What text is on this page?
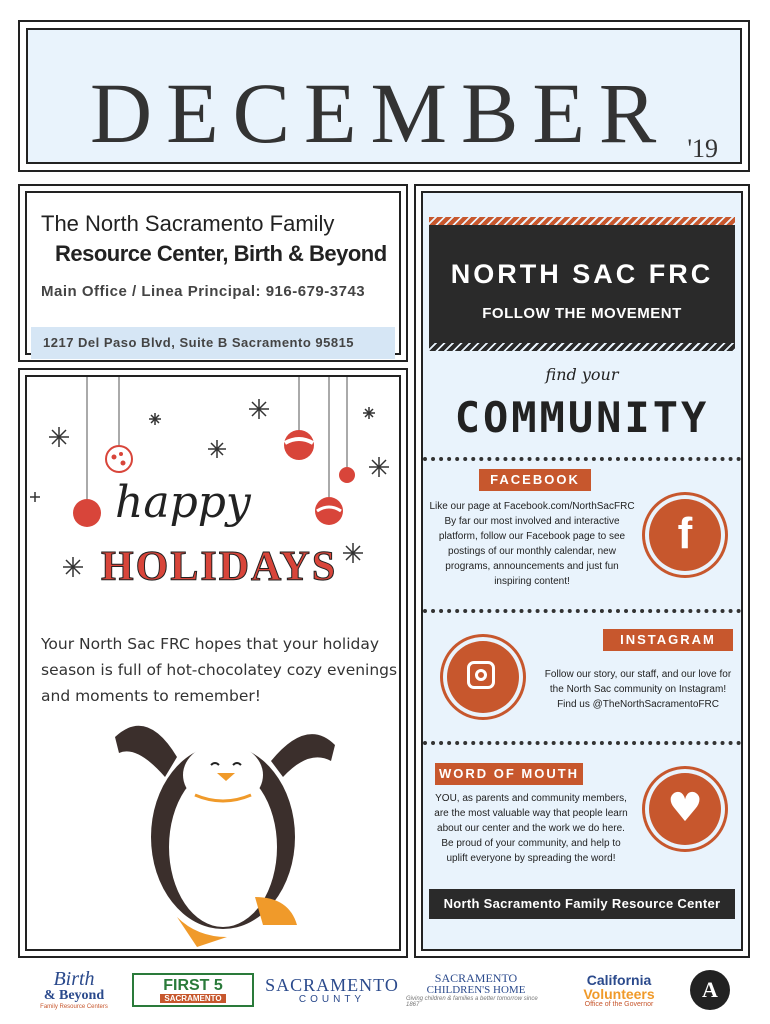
DECEMBER '19
The North Sacramento Family
Resource Center, Birth & Beyond
Main Office / Linea Principal: 916-679-3743
1217 Del Paso Blvd, Suite B Sacramento 95815
happy
HOLIDAYS
Your North Sac FRC hopes that your holiday season is full of hot-chocolatey cozy evenings and moments to remember!
NORTH SAC FRC
FOLLOW THE MOVEMENT
find your
COMMUNITY
FACEBOOK
Like our page at Facebook.com/NorthSacFRC By far our most involved and interactive platform, follow our Facebook page to see postings of our monthly calendar, new programs, announcements and just fun inspiring content!
f
INSTAGRAM
Follow our story, our staff, and our love for the North Sac community on Instagram! Find us @TheNorthSacramentoFRC
WORD OF MOUTH
YOU, as parents and community members, are the most valuable way that people learn about our center and the work we do here. Be proud of your community, and help to uplift everyone by spreading the word!
♥
North Sacramento Family Resource Center
Birth
& Beyond
Family Resource Centers
FIRST 5
SACRAMENTO
SACRAMENTO
COUNTY
SACRAMENTO
CHILDREN'S HOME
Giving children & families a better tomorrow since 1867
California
Volunteers
Office of the Governor
A
